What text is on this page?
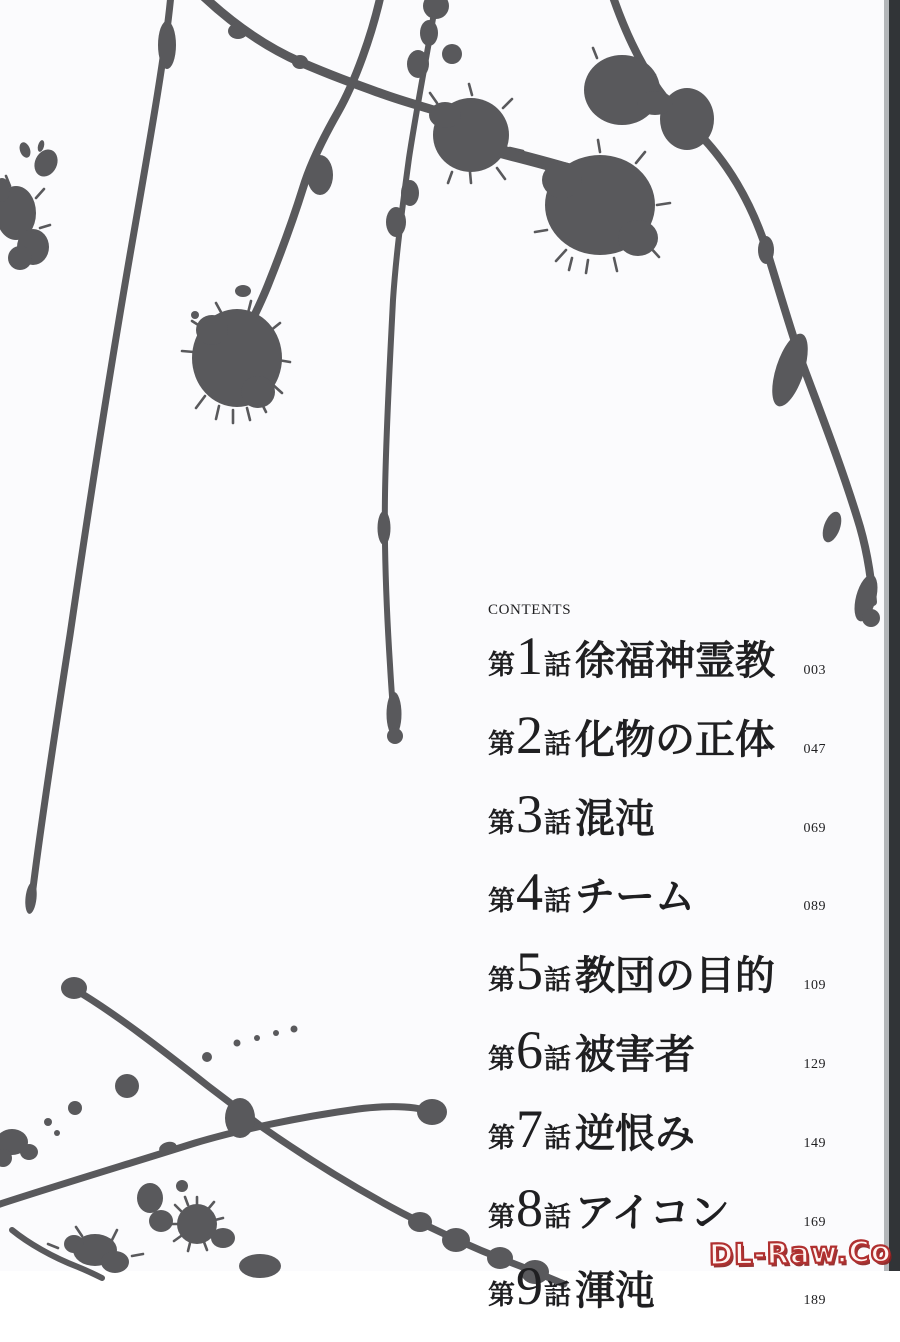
CONTENTS
第 1 話 徐福神霊教 003
第 2 話 化物の正体 047
第 3 話 混沌	069
第 4 話 チーム	089
第 5 話 教団の目的 109
第 6 話 被害者	129
第 7 話 逆恨み	149
第 8 話 アイコン	169
第 9 話 渾沌	189
DL-Raw.Co
